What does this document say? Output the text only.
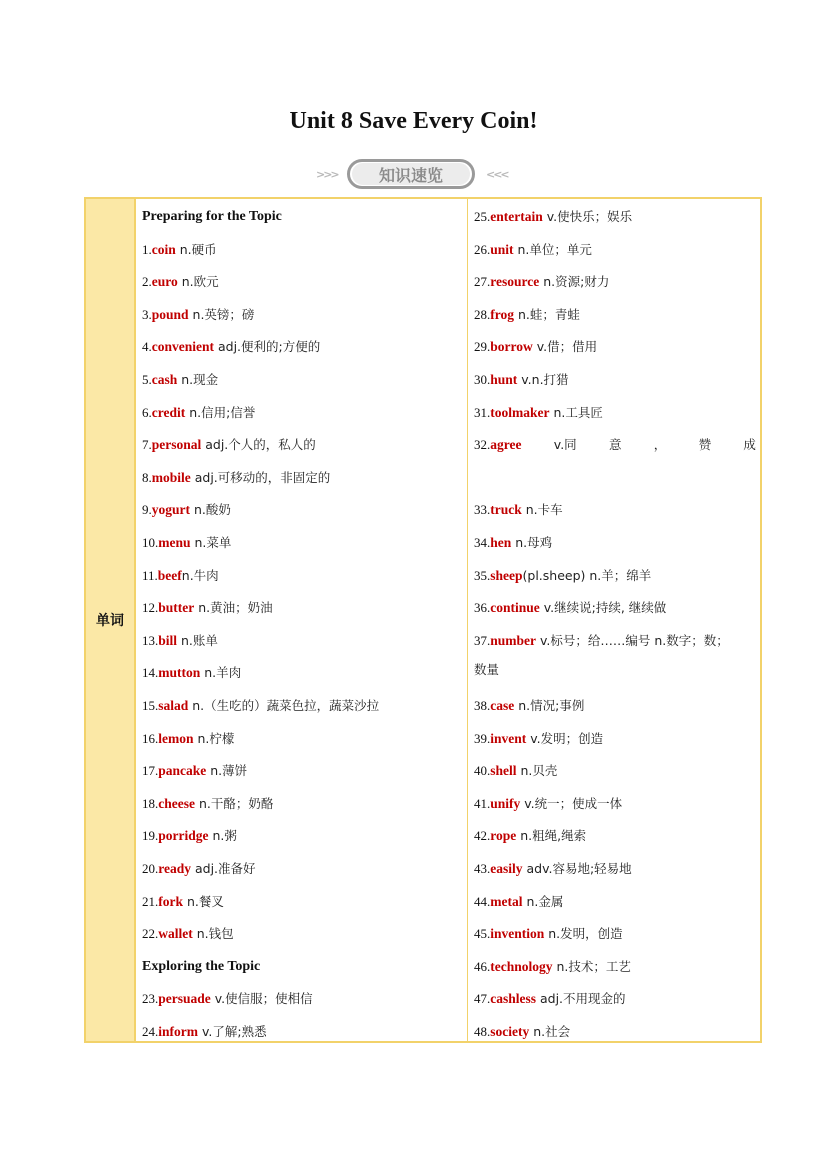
Unit 8 Save Every Coin!
>>>	知识速览	<<<
单词
Preparing for the Topic
1.coin n.硬币
2.euro n.欧元
3.pound n.英镑；磅
4.convenient adj.便利的;方便的
5.cash n.现金
6.credit n.信用;信誉
7.personal adj.个人的，私人的
8.mobile adj.可移动的，非固定的
9.yogurt n.酸奶
10.menu n.菜单
11.beefn.牛肉
12.butter n.黄油；奶油
13.bill n.账单
14.mutton n.羊肉
15.salad n.（生吃的）蔬菜色拉，蔬菜沙拉
16.lemon n.柠檬
17.pancake n.薄饼
18.cheese n.干酪；奶酪
19.porridge n.粥
20.ready adj.准备好
21.fork n.餐叉
22.wallet n.钱包
Exploring the Topic
23.persuade v.使信服；使相信
24.inform v.了解;熟悉
25.entertain v.使快乐；娱乐
26.unit n.单位；单元
27.resource n.资源;财力
28.frog n.蛙；青蛙
29.borrow v.借；借用
30.hunt v.n.打猎
31.toolmaker n.工具匠
32.agree	v.同	意	，	赞	成
33.truck n.卡车
34.hen n.母鸡
35.sheep(pl.sheep) n.羊；绵羊
36.continue v.继续说;持续, 继续做
37.number v.标号；给……编号 n.数字；数；
数量
38.case n.情况;事例
39.invent v.发明；创造
40.shell n.贝壳
41.unify v.统一；使成一体
42.rope n.粗绳,绳索
43.easily adv.容易地;轻易地
44.metal n.金属
45.invention n.发明，创造
46.technology n.技术；工艺
47.cashless adj.不用现金的
48.society n.社会
